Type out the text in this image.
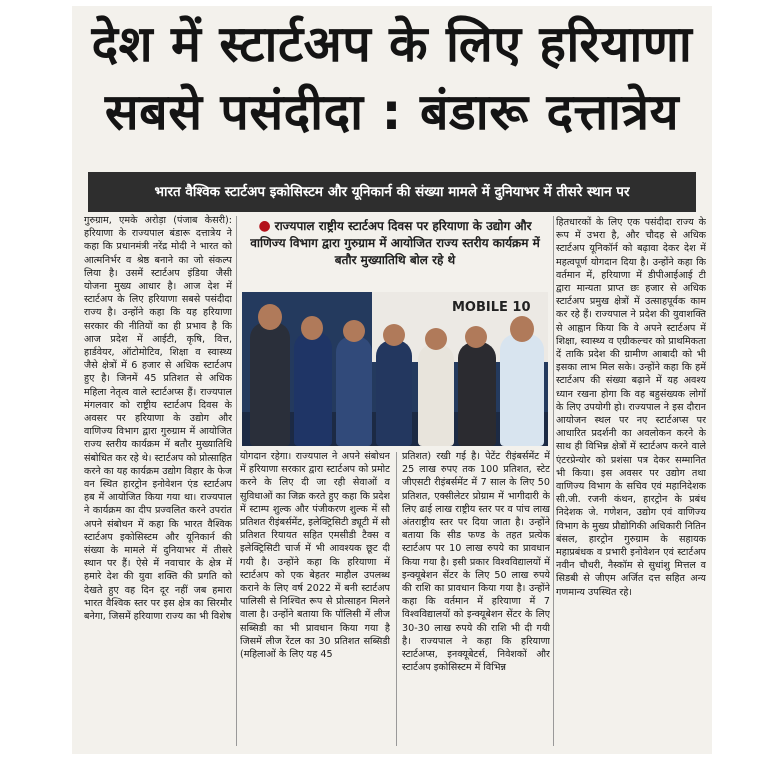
देश में स्टार्टअप के लिए हरियाणा
सबसे पसंदीदा : बंडारू दत्तात्रेय
भारत वैश्विक स्टार्टअप इकोसिस्टम और यूनिकार्न की संख्या मामले में दुनियाभर में तीसरे स्थान पर

गुरुग्राम, एमके अरोड़ा (पंजाब केसरी): हरियाणा के राज्यपाल बंडारू दत्तात्रेय ने कहा कि प्रधानमंत्री नरेंद्र मोदी ने भारत को आत्मनिर्भर व श्रेष्ठ बनाने का जो संकल्प लिया है। उसमें स्टार्टअप इंडिया जैसी योजना मुख्य आधार है। आज देश में स्टार्टअप के लिए हरियाणा सबसे पसंदीदा राज्य है। उन्होंने कहा कि यह हरियाणा सरकार की नीतियों का ही प्रभाव है कि आज प्रदेश में आईटी, कृषि, वित्त, हार्डवेयर, ऑटोमोटिव, शिक्षा व स्वास्थ्य जैसे क्षेत्रों में 6 हजार से अधिक स्टार्टअप हुए है। जिनमें 45 प्रतिशत से अधिक महिला नेतृत्व वाले स्टार्टअप्स हैं। राज्यपाल मंगलवार को राष्ट्रीय स्टार्टअप दिवस के अवसर पर हरियाणा के उद्योग और वाणिज्य विभाग द्वारा गुरुग्राम में आयोजित राज्य स्तरीय कार्यक्रम में बतौर मुख्यातिथि संबोधित कर रहे थे। स्टार्टअप को प्रोत्साहित करने का यह कार्यक्रम उद्योग विहार के फेज वन स्थित हारट्रोन इनोवेशन एंड स्टार्टअप हब में आयोजित किया गया था। राज्यपाल ने कार्यक्रम का दीप प्रज्वलित करने उपरांत अपने संबोधन में कहा कि भारत वैश्विक स्टार्टअप इकोसिस्टम और यूनिकार्न की संख्या के मामले में दुनियाभर में तीसरे स्थान पर हैं। ऐसे में नवाचार के क्षेत्र में हमारे देश की युवा शक्ति की प्रगति को देखते हुए वह दिन दूर नहीं जब हमारा भारत वैश्विक स्तर पर इस क्षेत्र का सिरमौर बनेगा, जिसमें हरियाणा राज्य का भी विशेष

● राज्यपाल राष्ट्रीय स्टार्टअप दिवस पर हरियाणा के उद्योग और वाणिज्य विभाग द्वारा गुरुग्राम में आयोजित राज्य स्तरीय कार्यक्रम में बतौर मुख्यातिथि बोल रहे थे
MOBILE 10

योगदान रहेगा। राज्यपाल ने अपने संबोधन में हरियाणा सरकार द्वारा स्टार्टअप को प्रमोट करने के लिए दी जा रही सेवाओं व सुविधाओं का जिक्र करते हुए कहा कि प्रदेश में स्टाम्प शुल्क और पंजीकरण शुल्क में सौ प्रतिशत रीइंबर्समेंट, इलेक्ट्रिसिटी ड्यूटी में सौ प्रतिशत रियायत सहित एमसीडी टैक्स व इलेक्ट्रिसिटी चार्ज में भी आवश्यक छूट दी गयी है। उन्होंने कहा कि हरियाणा में स्टार्टअप को एक बेहतर माहौल उपलब्ध कराने के लिए वर्ष 2022 में बनी स्टार्टअप पालिसी से निश्चित रूप से प्रोत्साहन मिलने वाला है। उन्होंने बताया कि पॉलिसी में लीज सब्सिडी का भी प्रावधान किया गया है जिसमें लीज रेंटल का 30 प्रतिशत सब्सिडी (महिलाओं के लिए यह 45

प्रतिशत) रखी गई है। पेटेंट रीइंबर्समेंट में 25 लाख रुपए तक 100 प्रतिशत, स्टेट जीएसटी रीइंबर्समेंट में 7 साल के लिए 50 प्रतिशत, एक्सीलेटर प्रोग्राम में भागीदारी के लिए ढाई लाख राष्ट्रीय स्तर पर व पांच लाख अंतराष्ट्रीय स्तर पर दिया जाता है। उन्होंने बताया कि सीड फण्ड के तहत प्रत्येक स्टार्टअप पर 10 लाख रुपये का प्रावधान किया गया है। इसी प्रकार विश्वविद्यालयों में इन्क्यूबेशन सेंटर के लिए 50 लाख रुपये की राशि का प्रावधान किया गया है। उन्होंने कहा कि वर्तमान में हरियाणा में 7 विश्वविद्यालयों को इन्क्यूबेशन सेंटर के लिए 30-30 लाख रुपये की राशि भी दी गयी है। राज्यपाल ने कहा कि हरियाणा स्टार्टअप्स, इनक्यूबेटर्स, निवेशकों और स्टार्टअप इकोसिस्टम में विभिन्न

हितधारकों के लिए एक पसंदीदा राज्य के रूप में उभरा है, और चौदह से अधिक स्टार्टअप यूनिकॉर्न को बढ़ावा देकर देश में महत्वपूर्ण योगदान दिया है। उन्होंने कहा कि वर्तमान में, हरियाणा में डीपीआईआई टी द्वारा मान्यता प्राप्त छः हजार से अधिक स्टार्टअप प्रमुख क्षेत्रों में उत्साहपूर्वक काम कर रहे हैं। राज्यपाल ने प्रदेश की युवाशक्ति से आह्वान किया कि वे अपने स्टार्टअप में शिक्षा, स्वास्थ्य व एग्रीकल्चर को प्राथमिकता दें ताकि प्रदेश की ग्रामीण आबादी को भी इसका लाभ मिल सके। उन्होंने कहा कि हमें स्टार्टअप की संख्या बढ़ाने में यह अवश्य ध्यान रखना होगा कि वह बहुसंख्यक लोगों के लिए उपयोगी हो। राज्यपाल ने इस दौरान आयोजन स्थल पर नए स्टार्टअप्स पर आधारित प्रदर्शनी का अवलोकन करने के साथ ही विभिन्न क्षेत्रों में स्टार्टअप करने वाले एंटरप्रेन्योर को प्रशंसा पत्र देकर सम्मानित भी किया। इस अवसर पर उद्योग तथा वाणिज्य विभाग के सचिव एवं महानिदेशक सी.जी. रजनी कंथन, हारट्रोन के प्रबंध निदेशक जे. गणेशन, उद्योग एवं वाणिज्य विभाग के मुख्य प्रौद्योगिकी अधिकारी नितिन बंसल, हारट्रोन गुरुग्राम के सहायक महाप्रबंधक व प्रभारी इनोवेशन एवं स्टार्टअप नवीन चौधरी, नैस्कॉम से सुधांशु मित्तल व सिडबी से जीएम अर्जित दत्त सहित अन्य गणमान्य उपस्थित रहे।
